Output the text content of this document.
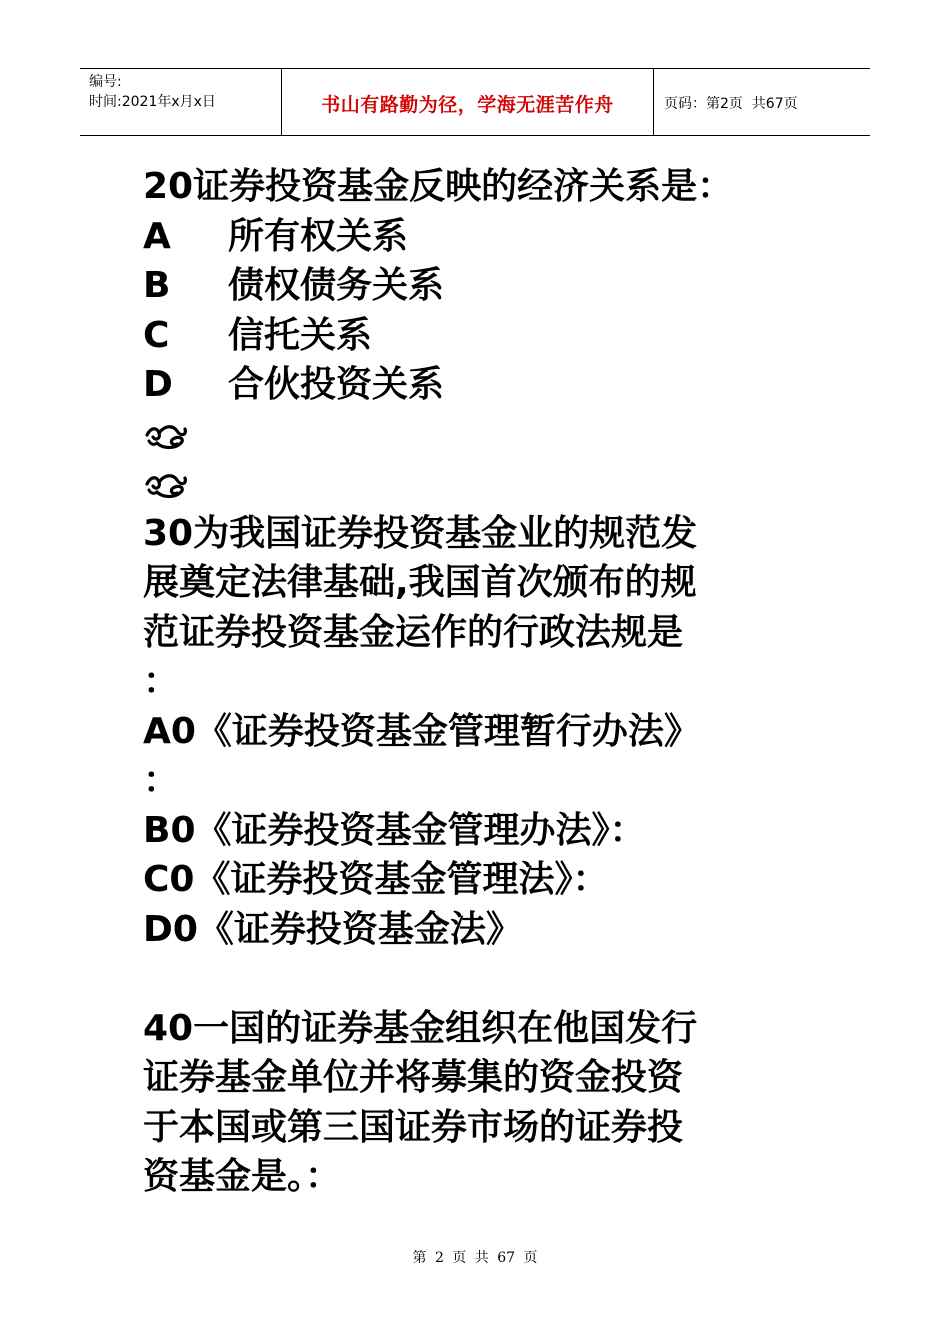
编号:
时间:2021年x月x日	书山有路勤为径，学海无涯苦作舟	页码：第2页  共67页
20证券投资基金反映的经济关系是：
A	所有权关系
B	债权债务关系
C	信托关系
D	合伙投资关系
30为我国证券投资基金业的规范发
展奠定法律基础,我国首次颁布的规
范证券投资基金运作的行政法规是
：
A0《证券投资基金管理暂行办法》
：
B0《证券投资基金管理办法》：
C0《证券投资基金管理法》：
D0《证券投资基金法》
40一国的证券基金组织在他国发行
证券基金单位并将募集的资金投资
于本国或第三国证券市场的证券投
资基金是。：
第 2 页 共 67 页
